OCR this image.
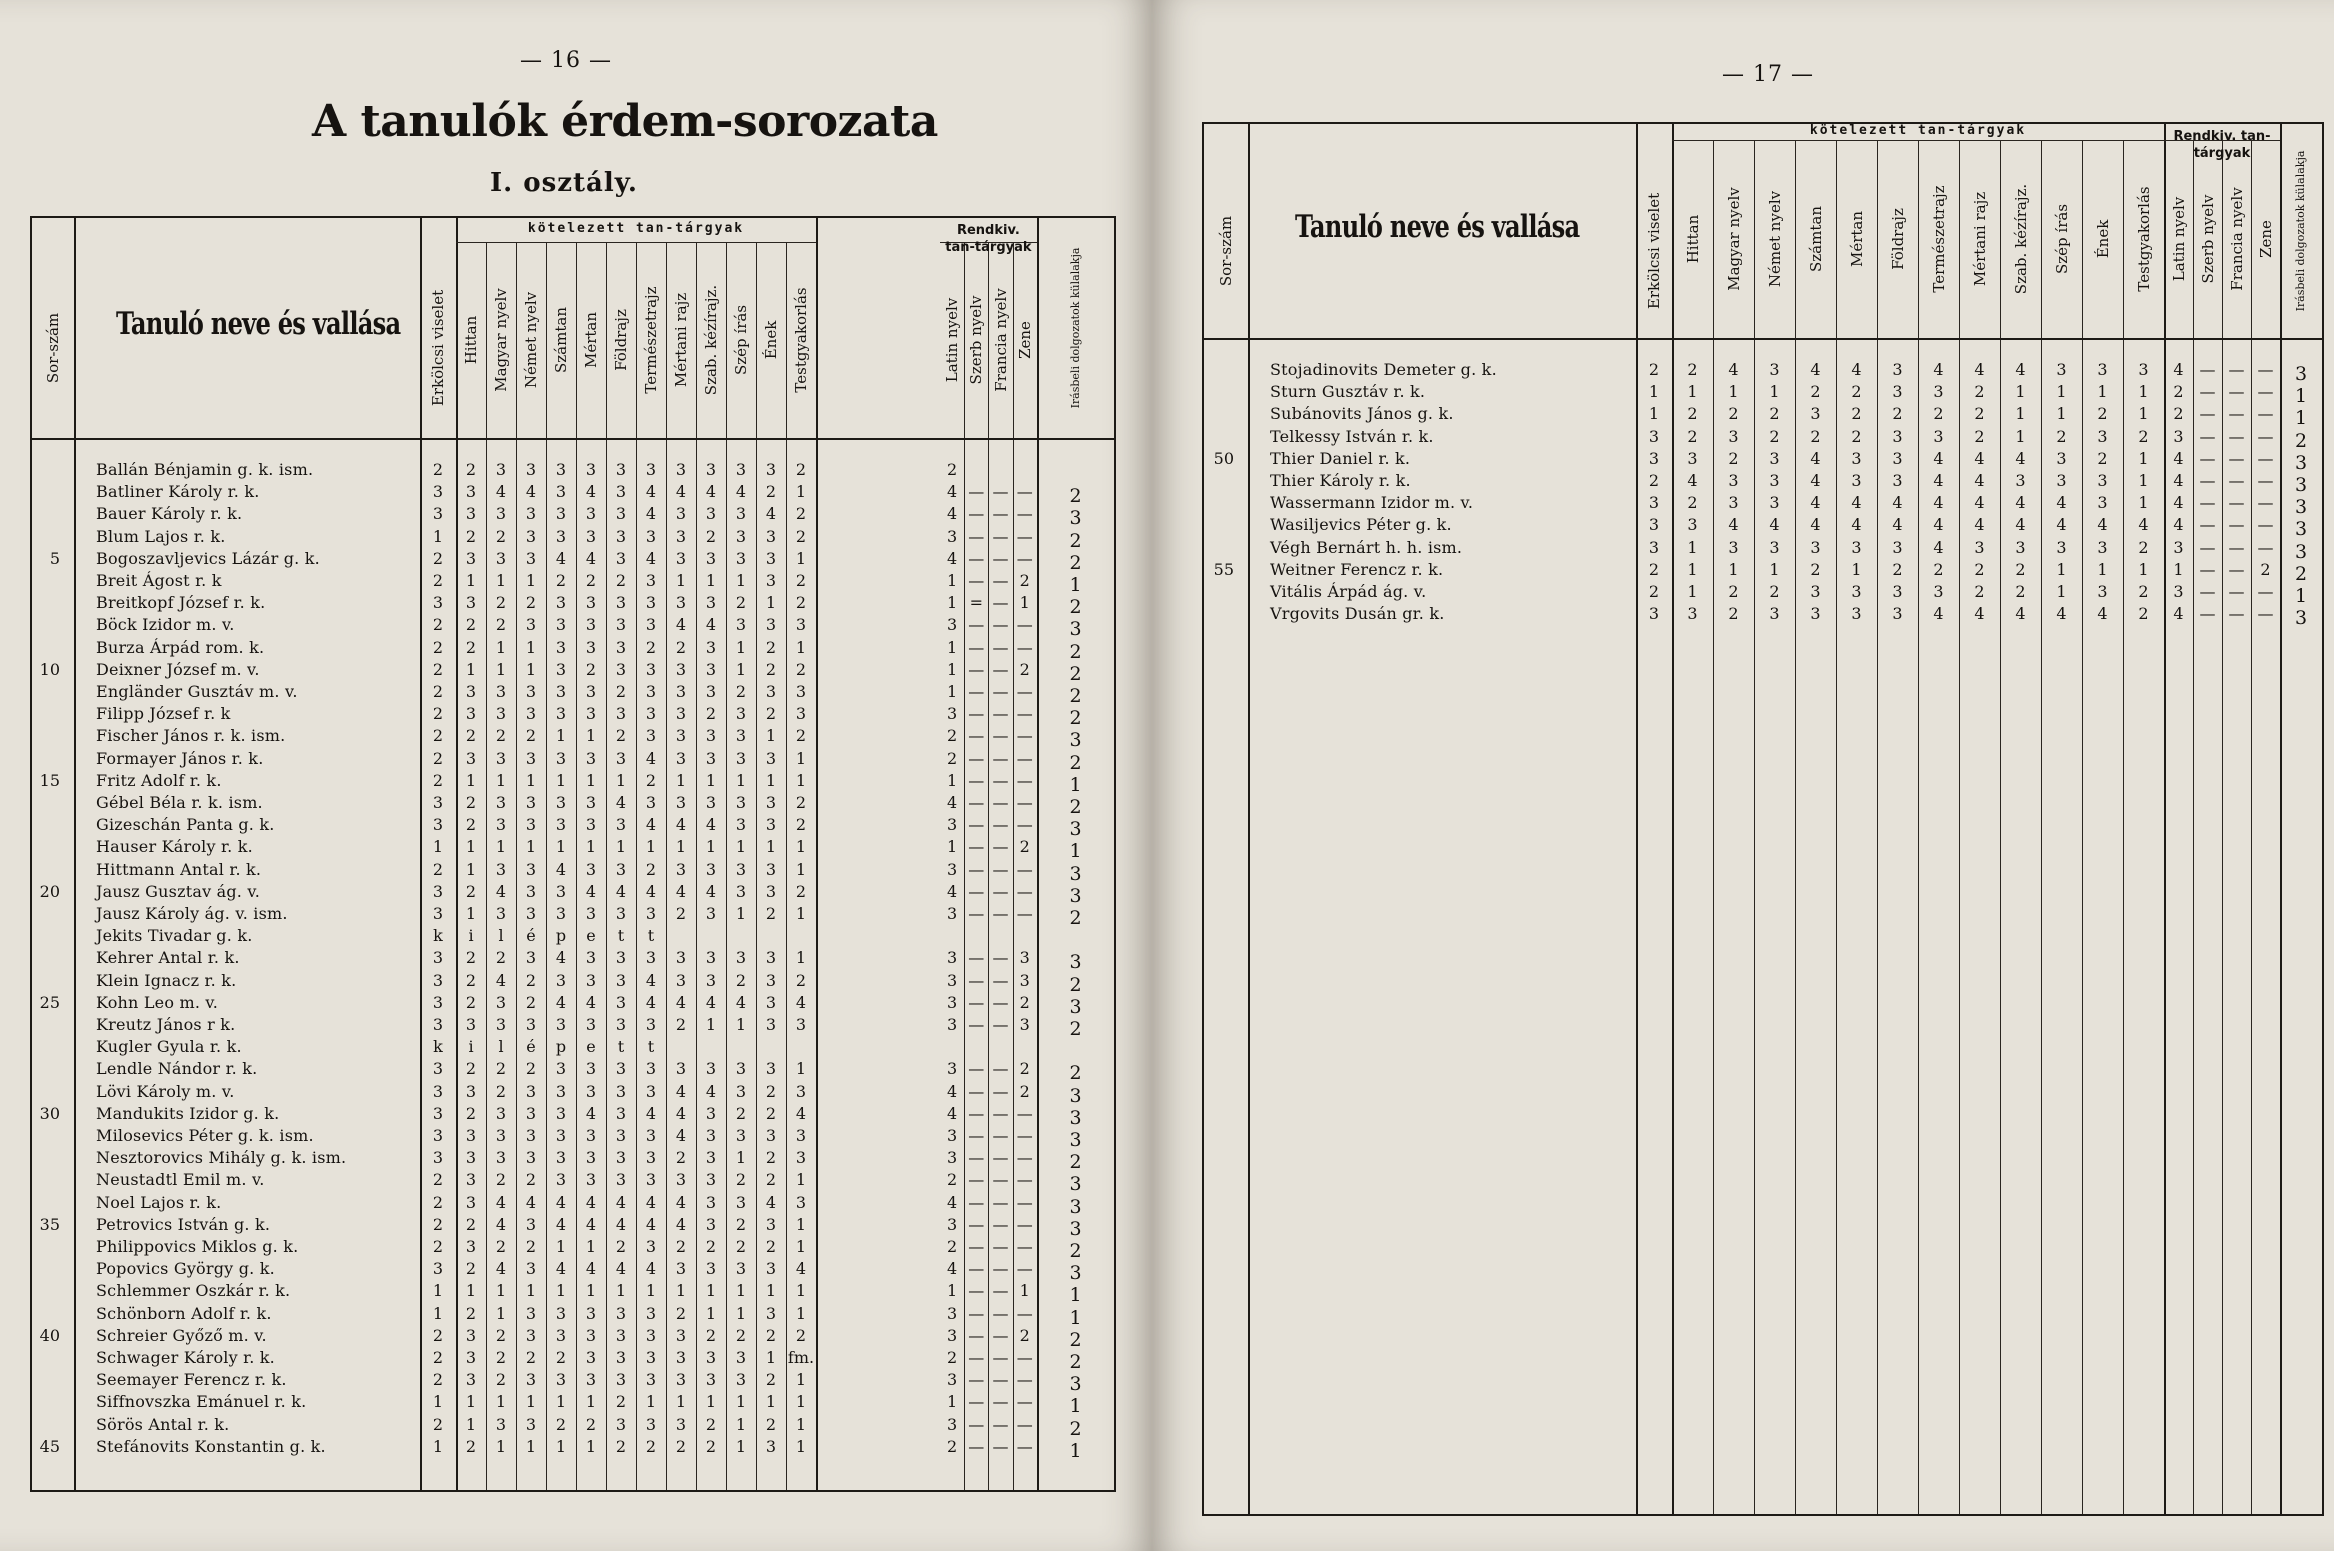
— 16 —
A tanulók érdem-sorozata
I. osztály.
Sor-szám Tanuló neve és vallása Erkölcsi viselet
kötelezett tan-tárgyak	Rendkiv. tan-tárgyak
Hittan Magyar nyelv Német nyelv Számtan Mértan Földrajz Természetrajz Mértani rajz Szab. kézírajz. Szép írás Ének Testgyakorlás	Latin nyelv Szerb nyelv Francia nyelv Zene	Irásbeli dolgozatok külalakja
Ballán Bénjamin g. k. ism.	2 2 3 3 3 3 3 3 3 3 3 3 2	2
Batliner Károly r. k.	3 3 4 4 3 4 3 4 4 4 4 2 1	4 — — — 2
Bauer Károly r. k.	3 3 3 3 3 3 3 4 3 3 3 4 2	4 — — — 3
Blum Lajos r. k.	1 2 2 3 3 3 3 3 3 2 3 3 2	3 — — — 2
5 Bogoszavljevics Lázár g. k.	2 3 3 3 4 4 3 4 3 3 3 3 1	4 — — — 2
Breit Ágost r. k	2 1 1 1 2 2 2 3 1 1 1 3 2	1 — — 2 1
Breitkopf József r. k.	3 3 2 2 3 3 3 3 3 3 2 1 2	1 = — 1 2
Böck Izidor m. v.	2 2 2 3 3 3 3 3 4 4 3 3 3	3 — — — 3
Burza Árpád rom. k.	2 2 1 1 3 3 3 2 2 3 1 2 1	1 — — — 2
10 Deixner József m. v.	2 1 1 1 3 2 3 3 3 3 1 2 2	1 — — 2 2
Engländer Gusztáv m. v.	2 3 3 3 3 3 2 3 3 3 2 3 3	1 — — — 2
Filipp József r. k	2 3 3 3 3 3 3 3 3 2 3 2 3	3 — — — 2
Fischer János r. k. ism.	2 2 2 2 1 1 2 3 3 3 3 1 2	2 — — — 3
Formayer János r. k.	2 3 3 3 3 3 3 4 3 3 3 3 1	2 — — — 2
15 Fritz Adolf r. k.	2 1 1 1 1 1 1 2 1 1 1 1 1	1 — — — 1
Gébel Béla r. k. ism.	3 2 3 3 3 3 4 3 3 3 3 3 2	4 — — — 2
Gizeschán Panta g. k.	3 2 3 3 3 3 3 4 4 4 3 3 2	3 — — — 3
Hauser Károly r. k.	1 1 1 1 1 1 1 1 1 1 1 1 1	1 — — 2 1
Hittmann Antal r. k.	2 1 3 3 4 3 3 2 3 3 3 3 1	3 — — — 3
20 Jausz Gusztav ág. v.	3 2 4 3 3 4 4 4 4 4 3 3 2	4 — — — 3
Jausz Károly ág. v. ism.	3 1 3 3 3 3 3 3 2 3 1 2 1	3 — — — 2
Jekits Tivadar g. k.	k i l é p e t t
Kehrer Antal r. k.	3 2 2 3 4 3 3 3 3 3 3 3 1	3 — — 3 3
Klein Ignacz r. k.	3 2 4 2 3 3 3 4 3 3 2 3 2	3 — — 3 2
25 Kohn Leo m. v.	3 2 3 2 4 4 3 4 4 4 4 3 4	3 — — 2 3
Kreutz János r k.	3 3 3 3 3 3 3 3 2 1 1 3 3	3 — — 3 2
Kugler Gyula r. k.	k i l é p e t t
Lendle Nándor r. k.	3 2 2 2 3 3 3 3 3 3 3 3 1	3 — — 2 2
Lövi Károly m. v.	3 3 2 3 3 3 3 3 4 4 3 2 3	4 — — 2 3
30 Mandukits Izidor g. k.	3 2 3 3 3 4 3 4 4 3 2 2 4	4 — — — 3
Milosevics Péter g. k. ism.	3 3 3 3 3 3 3 3 4 3 3 3 3	3 — — — 3
Nesztorovics Mihály g. k. ism.	3 3 3 3 3 3 3 3 2 3 1 2 3	3 — — — 2
Neustadtl Emil m. v.	2 3 2 2 3 3 3 3 3 3 2 2 1	2 — — — 3
Noel Lajos r. k.	2 3 4 4 4 4 4 4 4 3 3 4 3	4 — — — 3
35 Petrovics István g. k.	2 2 4 3 4 4 4 4 4 3 2 3 1	3 — — — 3
Philippovics Miklos g. k.	2 3 2 2 1 1 2 3 2 2 2 2 1	2 — — — 2
Popovics György g. k.	3 2 4 3 4 4 4 4 3 3 3 3 4	4 — — — 3
Schlemmer Oszkár r. k.	1 1 1 1 1 1 1 1 1 1 1 1 1	1 — — 1 1
Schönborn Adolf r. k.	1 2 1 3 3 3 3 3 2 1 1 3 1	3 — — — 1
40 Schreier Győző m. v.	2 3 2 3 3 3 3 3 3 2 2 2 2	3 — — 2 2
Schwager Károly r. k.	2 3 2 2 2 3 3 3 3 3 3 1 fm.	2 — — — 2
Seemayer Ferencz r. k.	2 3 2 3 3 3 3 3 3 3 3 2 1	3 — — — 3
Siffnovszka Emánuel r. k.	1 1 1 1 1 1 2 1 1 1 1 1 1	1 — — — 1
Sörös Antal r. k.	2 1 3 3 2 2 3 3 3 2 1 2 1	3 — — — 2
45 Stefánovits Konstantin g. k.	1 2 1 1 1 1 2 2 2 2 1 3 1	2 — — — 1
— 17 —
Sor-szám Tanuló neve és vallása	Erkölcsi viselet
kötelezett tan-tárgyak	Rendkiv. tan-tárgyak
Hittan Magyar nyelv Német nyelv Számtan Mértan Földrajz Természetrajz Mértani rajz Szab. kézírajz. Szép írás Ének Testgyakorlás Latin nyelv Szerb nyelv Francia nyelv Zene Irásbeli dolgozatok külalakja
Stojadinovits Demeter g. k.	2 2 4 3 4 4 3 4 4 4 3 3 3 4 — — — 3
Sturn Gusztáv r. k.	1 1 1 1 2 2 3 3 2 1 1 1 1 2 — — — 1
Subánovits János g. k.	1 2 2 2 3 2 2 2 2 1 1 2 1 2 — — — 1
Telkessy István r. k.	3 2 3 2 2 2 3 3 2 1 2 3 2 3 — — — 2
50 Thier Daniel r. k.	3 3 2 3 4 3 3 4 4 4 3 2 1 4 — — — 3
Thier Károly r. k.	2 4 3 3 4 3 3 4 4 3 3 3 1 4 — — — 3
Wassermann Izidor m. v.	3 2 3 3 4 4 4 4 4 4 4 3 1 4 — — — 3
Wasiljevics Péter g. k.	3 3 4 4 4 4 4 4 4 4 4 4 4 4 — — — 3
Végh Bernárt h. h. ism.	3 1 3 3 3 3 3 4 3 3 3 3 2 3 — — — 3
55 Weitner Ferencz r. k.	2 1 1 1 2 1 2 2 2 2 1 1 1 1 — — 2 2
Vitális Árpád ág. v.	2 1 2 2 3 3 3 3 2 2 1 3 2 3 — — — 1
Vrgovits Dusán gr. k.	3 3 2 3 3 3 3 4 4 4 4 4 2 4 — — — 3
